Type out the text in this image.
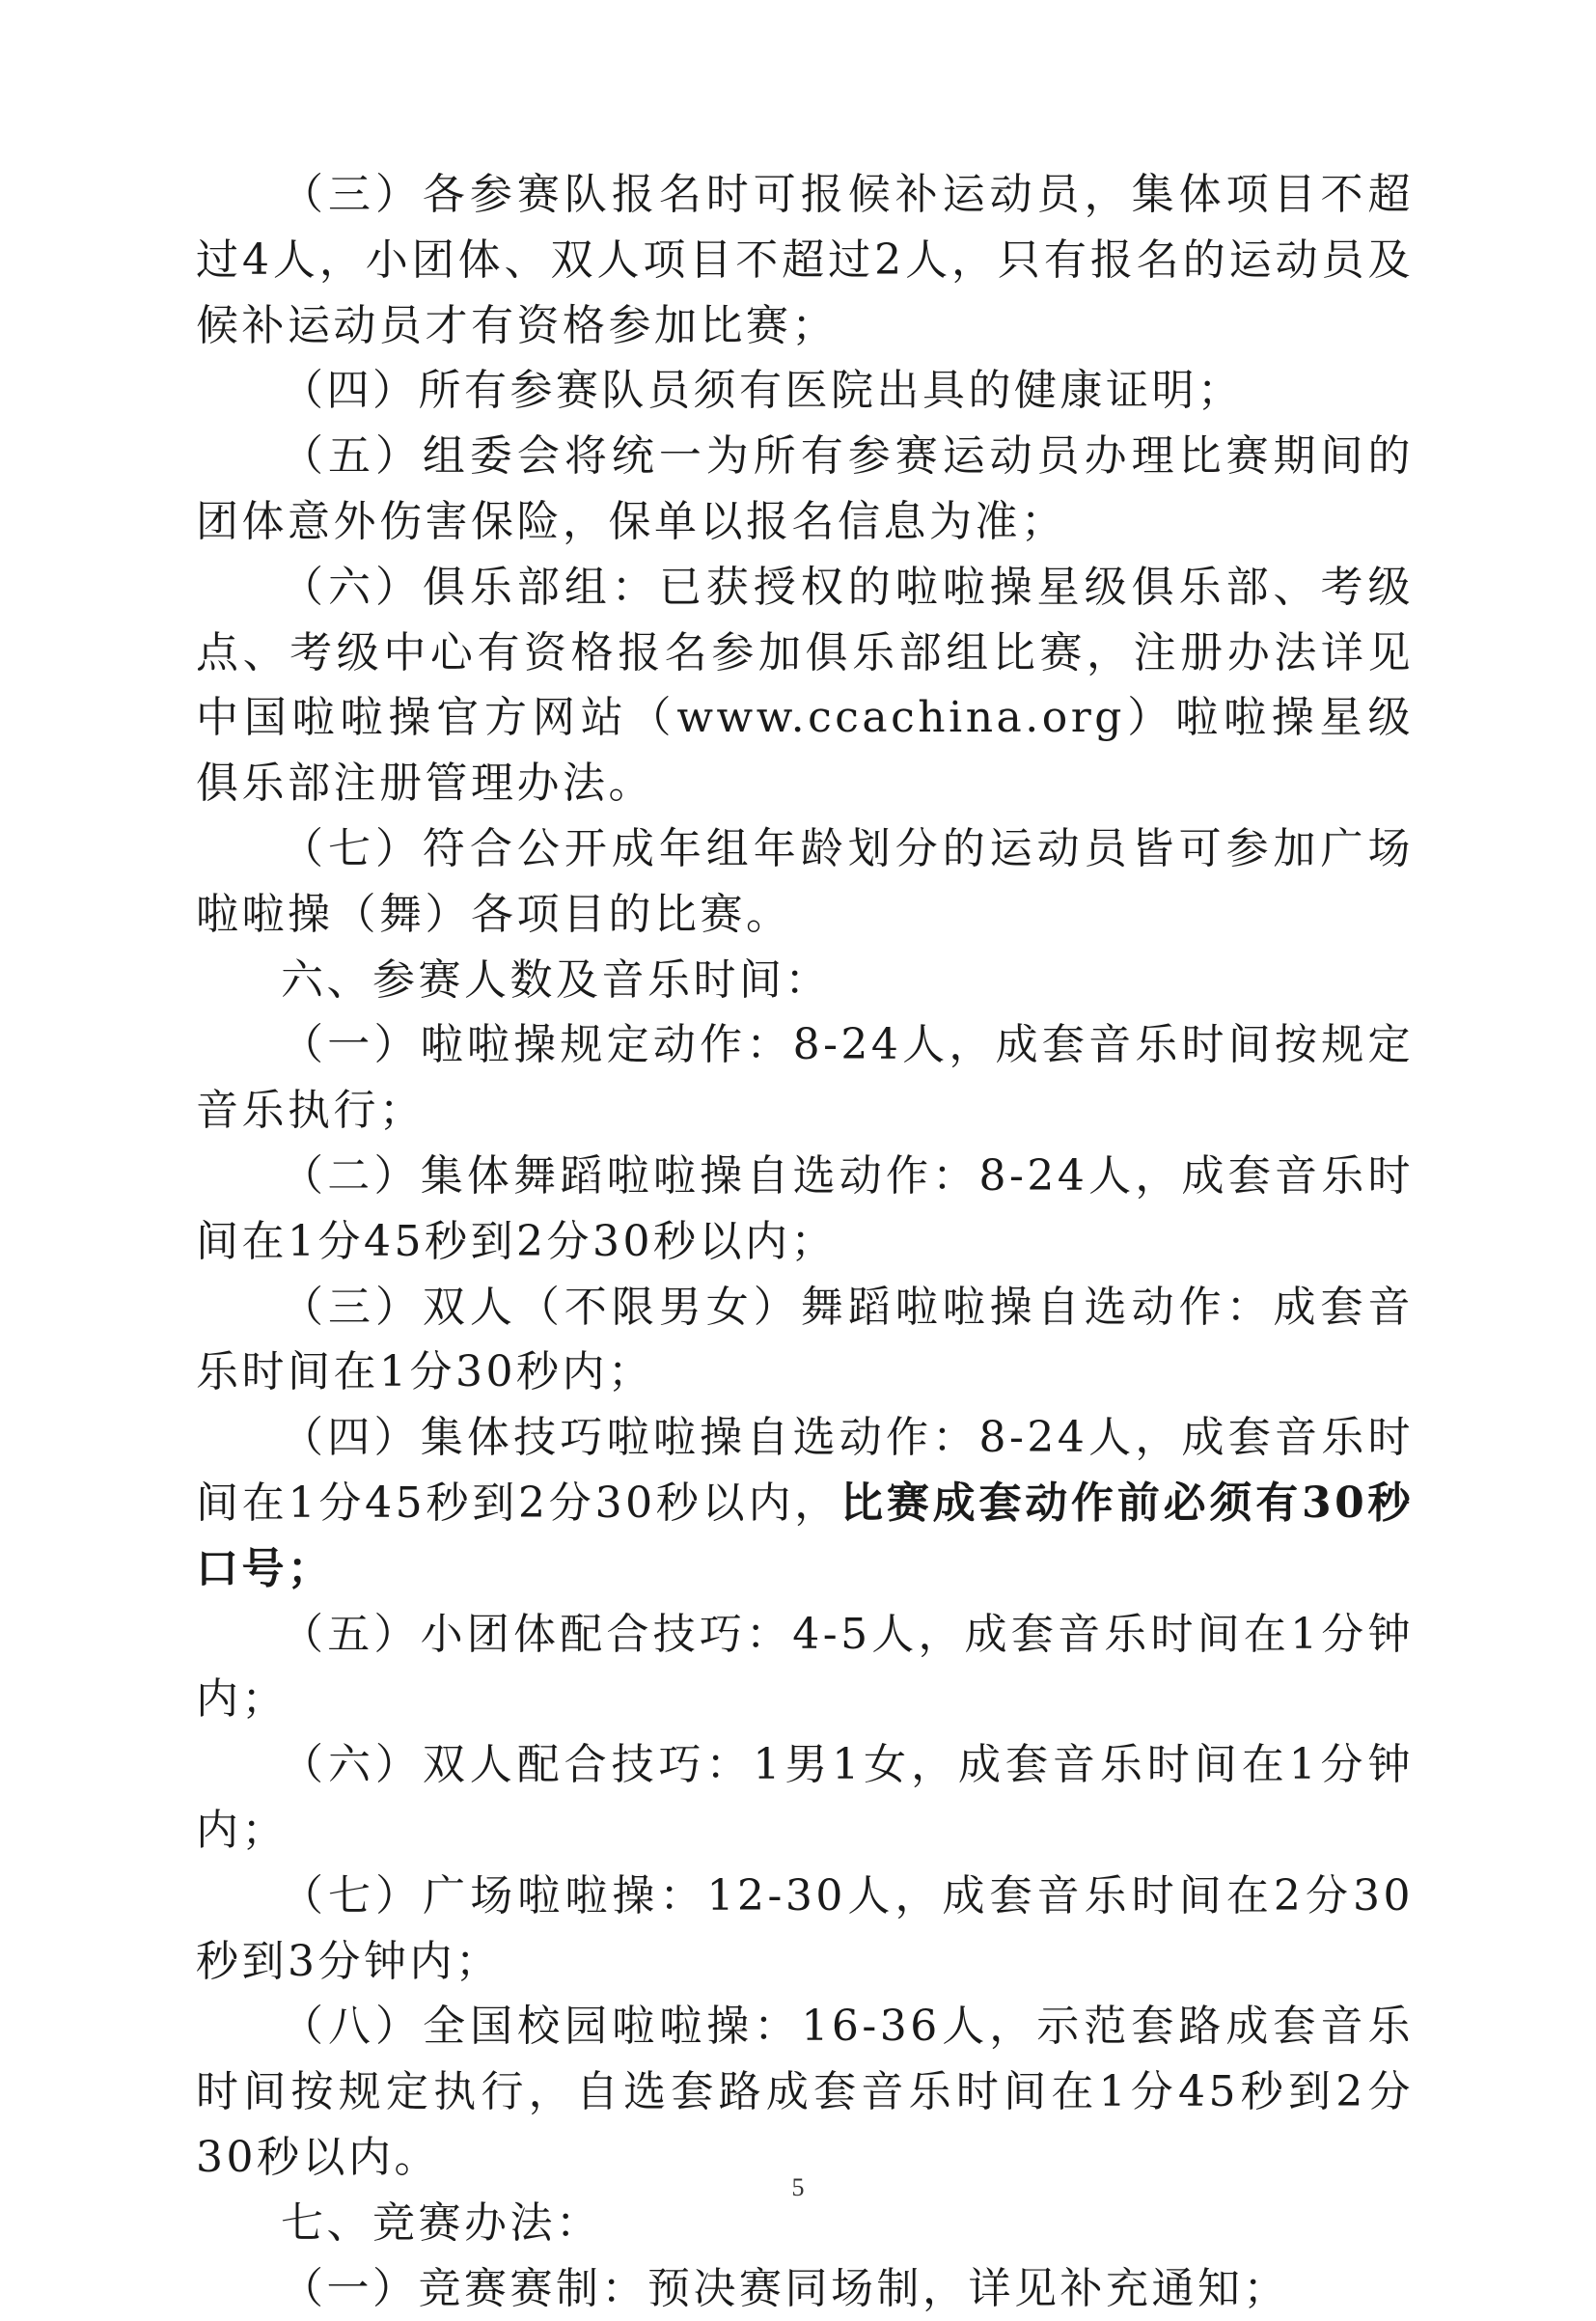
（三）各参赛队报名时可报候补运动员，集体项目不超过4人，小团体、双人项目不超过2人，只有报名的运动员及候补运动员才有资格参加比赛；

（四）所有参赛队员须有医院出具的健康证明；

（五）组委会将统一为所有参赛运动员办理比赛期间的团体意外伤害保险，保单以报名信息为准；

（六）俱乐部组：已获授权的啦啦操星级俱乐部、考级点、考级中心有资格报名参加俱乐部组比赛，注册办法详见中国啦啦操官方网站（www.ccachina.org）啦啦操星级俱乐部注册管理办法。

（七）符合公开成年组年龄划分的运动员皆可参加广场啦啦操（舞）各项目的比赛。

六、参赛人数及音乐时间：

（一）啦啦操规定动作：8-24人，成套音乐时间按规定音乐执行；

（二）集体舞蹈啦啦操自选动作：8-24人，成套音乐时间在1分45秒到2分30秒以内；

（三）双人（不限男女）舞蹈啦啦操自选动作：成套音乐时间在1分30秒内；

（四）集体技巧啦啦操自选动作：8-24人，成套音乐时间在1分45秒到2分30秒以内，比赛成套动作前必须有30秒口号；

（五）小团体配合技巧：4-5人，成套音乐时间在1分钟内；

（六）双人配合技巧：1男1女，成套音乐时间在1分钟内；

（七）广场啦啦操：12-30人，成套音乐时间在2分30秒到3分钟内；

（八）全国校园啦啦操：16-36人，示范套路成套音乐时间按规定执行，自选套路成套音乐时间在1分45秒到2分30秒以内。

七、竞赛办法：

（一）竞赛赛制：预决赛同场制，详见补充通知；

5
